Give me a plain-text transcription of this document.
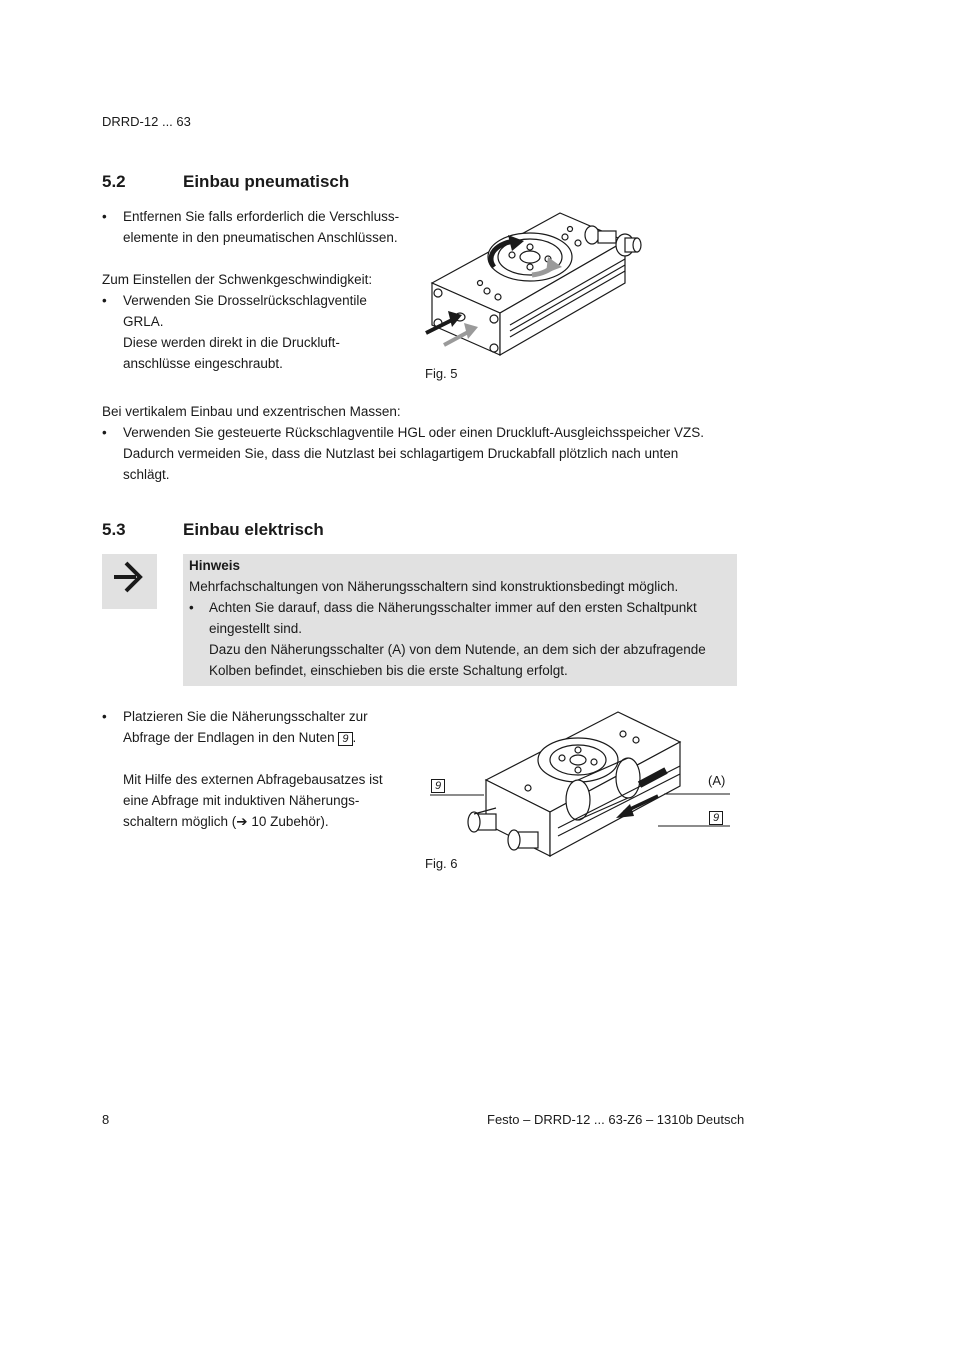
DRRD-12 ... 63
5.2	Einbau pneumatisch
• Entfernen Sie falls erforderlich die Verschluss-
elemente in den pneumatischen Anschlüssen.
Zum Einstellen der Schwenkgeschwindigkeit:
• Verwenden Sie Drosselrückschlagventile
GRLA.
Diese werden direkt in die Druckluft-
anschlüsse eingeschraubt.
Fig. 5
Bei vertikalem Einbau und exzentrischen Massen:
• Verwenden Sie gesteuerte Rückschlagventile HGL oder einen Druckluft-Ausgleichsspeicher VZS.
Dadurch vermeiden Sie, dass die Nutzlast bei schlagartigem Druckabfall plötzlich nach unten
schlägt.
5.3	Einbau elektrisch
Hinweis
Mehrfachschaltungen von Näherungsschaltern sind konstruktionsbedingt möglich.
• Achten Sie darauf, dass die Näherungsschalter immer auf den ersten Schaltpunkt
eingestellt sind.
Dazu den Näherungsschalter (A) von dem Nutende, an dem sich der abzufragende
Kolben befindet, einschieben bis die erste Schaltung erfolgt.
• Platzieren Sie die Näherungsschalter zur
Abfrage der Endlagen in den Nuten 9 .
Mit Hilfe des externen Abfragebausatzes ist
eine Abfrage mit induktiven Näherungs-
schaltern möglich (➔ 10 Zubehör).
9	(A)
9
Fig. 6
8	Festo – DRRD-12 ... 63-Z6 – 1310b Deutsch
